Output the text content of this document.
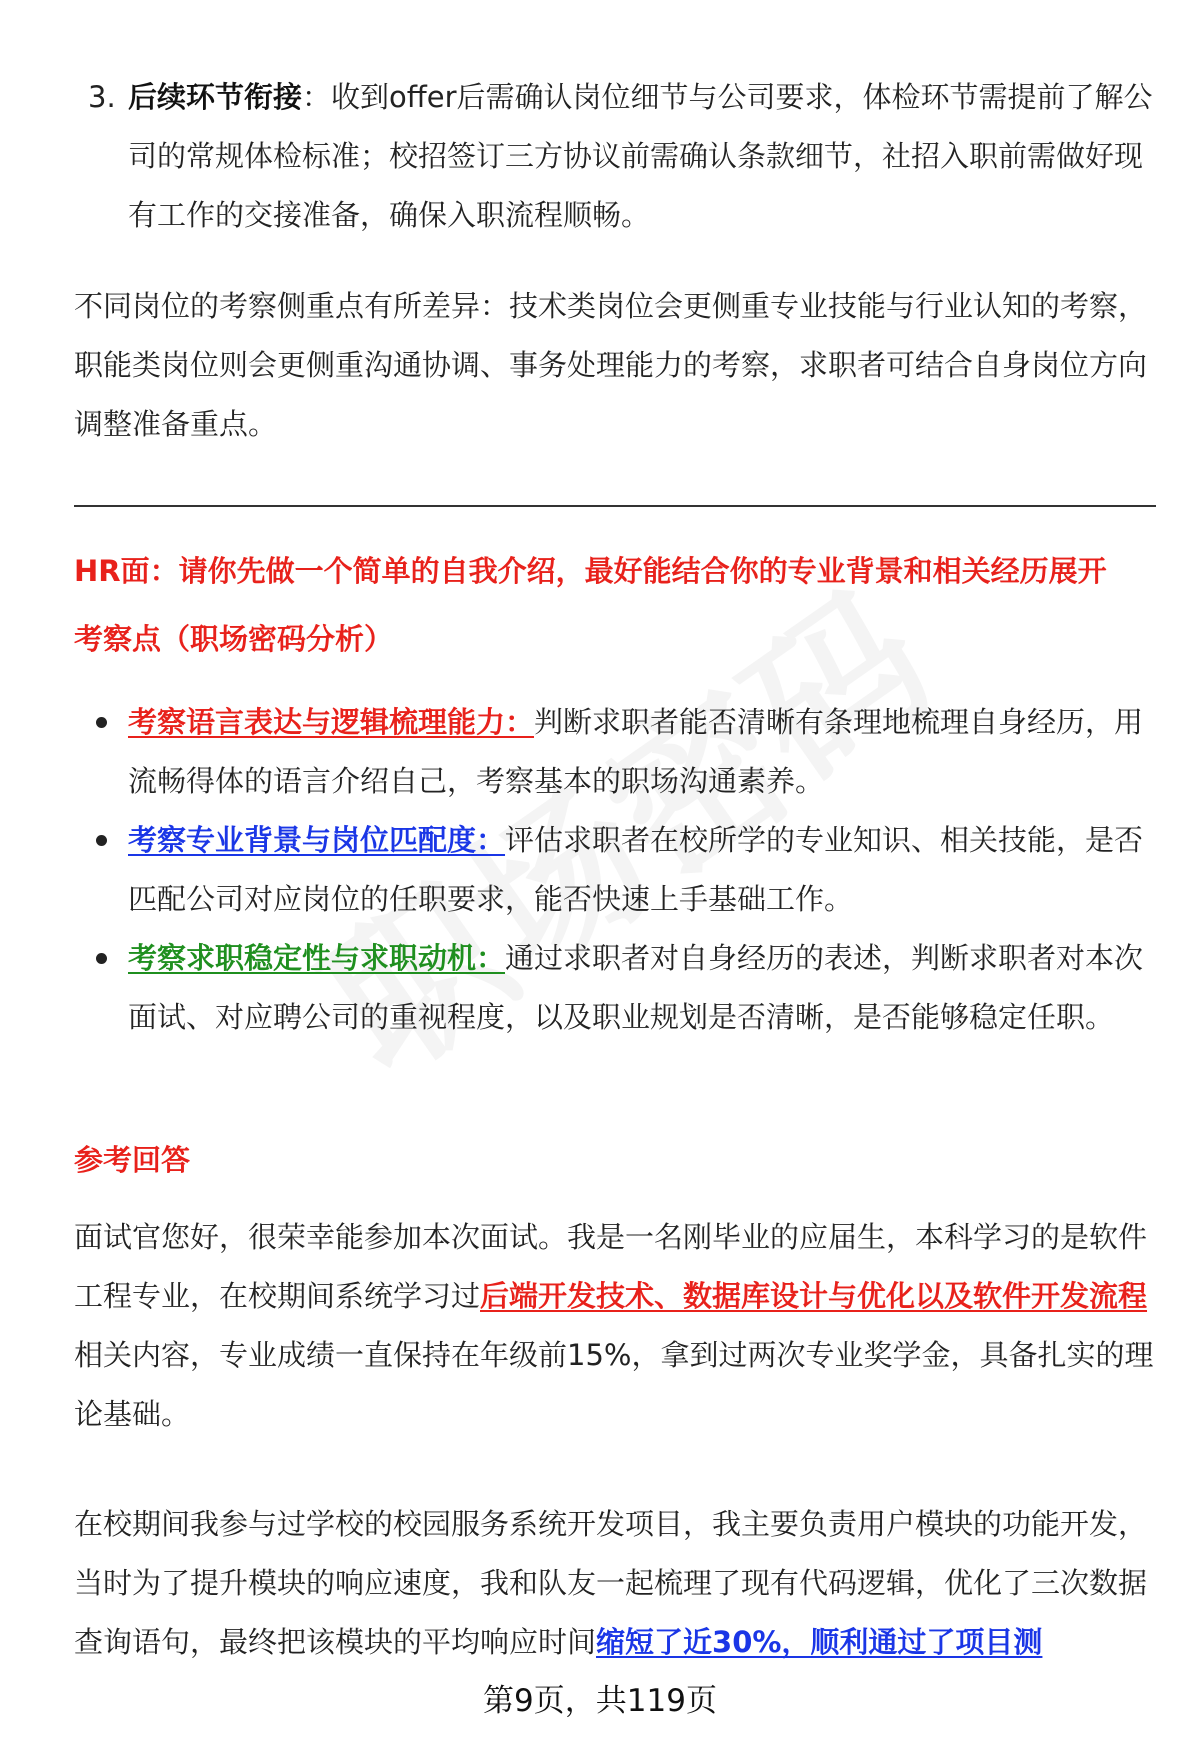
3. 后续环节衔接：收到offer后需确认岗位细节与公司要求，体检环节需提前了解公司的常规体检标准；校招签订三方协议前需确认条款细节，社招入职前需做好现有工作的交接准备，确保入职流程顺畅。
不同岗位的考察侧重点有所差异：技术类岗位会更侧重专业技能与行业认知的考察，职能类岗位则会更侧重沟通协调、事务处理能力的考察，求职者可结合自身岗位方向调整准备重点。
HR面：请你先做一个简单的自我介绍，最好能结合你的专业背景和相关经历展开
考察点（职场密码分析）
考察语言表达与逻辑梳理能力：判断求职者能否清晰有条理地梳理自身经历，用流畅得体的语言介绍自己，考察基本的职场沟通素养。
考察专业背景与岗位匹配度：评估求职者在校所学的专业知识、相关技能，是否匹配公司对应岗位的任职要求，能否快速上手基础工作。
考察求职稳定性与求职动机：通过求职者对自身经历的表述，判断求职者对本次面试、对应聘公司的重视程度，以及职业规划是否清晰，是否能够稳定任职。
参考回答
面试官您好，很荣幸能参加本次面试。我是一名刚毕业的应届生，本科学习的是软件工程专业，在校期间系统学习过后端开发技术、数据库设计与优化以及软件开发流程相关内容，专业成绩一直保持在年级前15%，拿到过两次专业奖学金，具备扎实的理论基础。
在校期间我参与过学校的校园服务系统开发项目，我主要负责用户模块的功能开发，当时为了提升模块的响应速度，我和队友一起梳理了现有代码逻辑，优化了三次数据查询语句，最终把该模块的平均响应时间缩短了近30%，顺利通过了项目测
第9页，共119页
